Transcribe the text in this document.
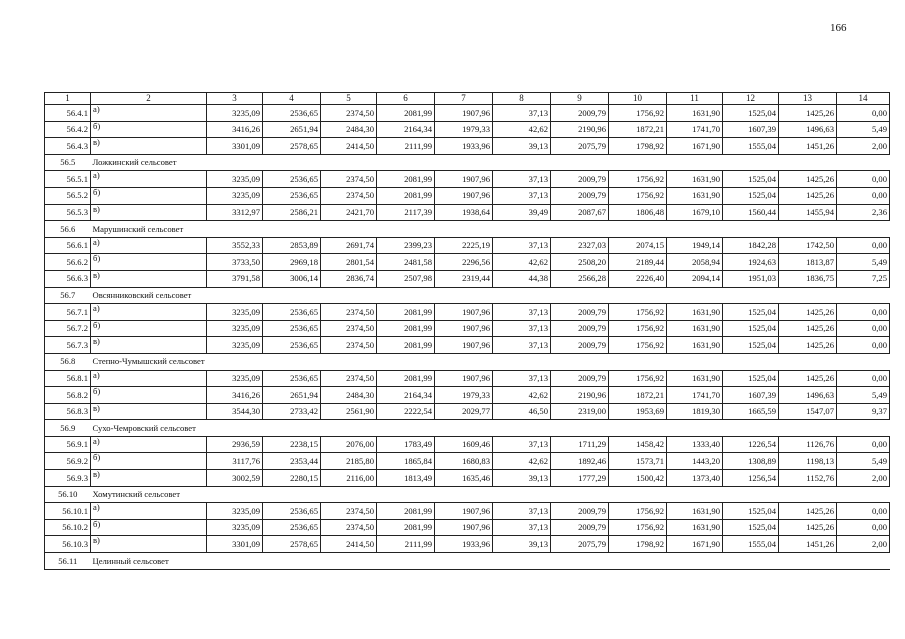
166
1	2	3	4	5	6	7	8	9	10	11	12	13	14
56.4.1	а)	3235,09	2536,65	2374,50	2081,99	1907,96	37,13	2009,79	1756,92	1631,90	1525,04	1425,26	0,00
56.4.2	б)	3416,26	2651,94	2484,30	2164,34	1979,33	42,62	2190,96	1872,21	1741,70	1607,39	1496,63	5,49
56.4.3	в)	3301,09	2578,65	2414,50	2111,99	1933,96	39,13	2075,79	1798,92	1671,90	1555,04	1451,26	2,00
56.5	Ложкинский сельсовет												
56.5.1	а)	3235,09	2536,65	2374,50	2081,99	1907,96	37,13	2009,79	1756,92	1631,90	1525,04	1425,26	0,00
56.5.2	б)	3235,09	2536,65	2374,50	2081,99	1907,96	37,13	2009,79	1756,92	1631,90	1525,04	1425,26	0,00
56.5.3	в)	3312,97	2586,21	2421,70	2117,39	1938,64	39,49	2087,67	1806,48	1679,10	1560,44	1455,94	2,36
56.6	Марушинский сельсовет												
56.6.1	а)	3552,33	2853,89	2691,74	2399,23	2225,19	37,13	2327,03	2074,15	1949,14	1842,28	1742,50	0,00
56.6.2	б)	3733,50	2969,18	2801,54	2481,58	2296,56	42,62	2508,20	2189,44	2058,94	1924,63	1813,87	5,49
56.6.3	в)	3791,58	3006,14	2836,74	2507,98	2319,44	44,38	2566,28	2226,40	2094,14	1951,03	1836,75	7,25
56.7	Овсянниковский сельсовет												
56.7.1	а)	3235,09	2536,65	2374,50	2081,99	1907,96	37,13	2009,79	1756,92	1631,90	1525,04	1425,26	0,00
56.7.2	б)	3235,09	2536,65	2374,50	2081,99	1907,96	37,13	2009,79	1756,92	1631,90	1525,04	1425,26	0,00
56.7.3	в)	3235,09	2536,65	2374,50	2081,99	1907,96	37,13	2009,79	1756,92	1631,90	1525,04	1425,26	0,00
56.8	Степно-Чумышский сельсовет												
56.8.1	а)	3235,09	2536,65	2374,50	2081,99	1907,96	37,13	2009,79	1756,92	1631,90	1525,04	1425,26	0,00
56.8.2	б)	3416,26	2651,94	2484,30	2164,34	1979,33	42,62	2190,96	1872,21	1741,70	1607,39	1496,63	5,49
56.8.3	в)	3544,30	2733,42	2561,90	2222,54	2029,77	46,50	2319,00	1953,69	1819,30	1665,59	1547,07	9,37
56.9	Сухо-Чемровский сельсовет												
56.9.1	а)	2936,59	2238,15	2076,00	1783,49	1609,46	37,13	1711,29	1458,42	1333,40	1226,54	1126,76	0,00
56.9.2	б)	3117,76	2353,44	2185,80	1865,84	1680,83	42,62	1892,46	1573,71	1443,20	1308,89	1198,13	5,49
56.9.3	в)	3002,59	2280,15	2116,00	1813,49	1635,46	39,13	1777,29	1500,42	1373,40	1256,54	1152,76	2,00
56.10	Хомутинский сельсовет												
56.10.1	а)	3235,09	2536,65	2374,50	2081,99	1907,96	37,13	2009,79	1756,92	1631,90	1525,04	1425,26	0,00
56.10.2	б)	3235,09	2536,65	2374,50	2081,99	1907,96	37,13	2009,79	1756,92	1631,90	1525,04	1425,26	0,00
56.10.3	в)	3301,09	2578,65	2414,50	2111,99	1933,96	39,13	2075,79	1798,92	1671,90	1555,04	1451,26	2,00
56.11	Целинный сельсовет												
